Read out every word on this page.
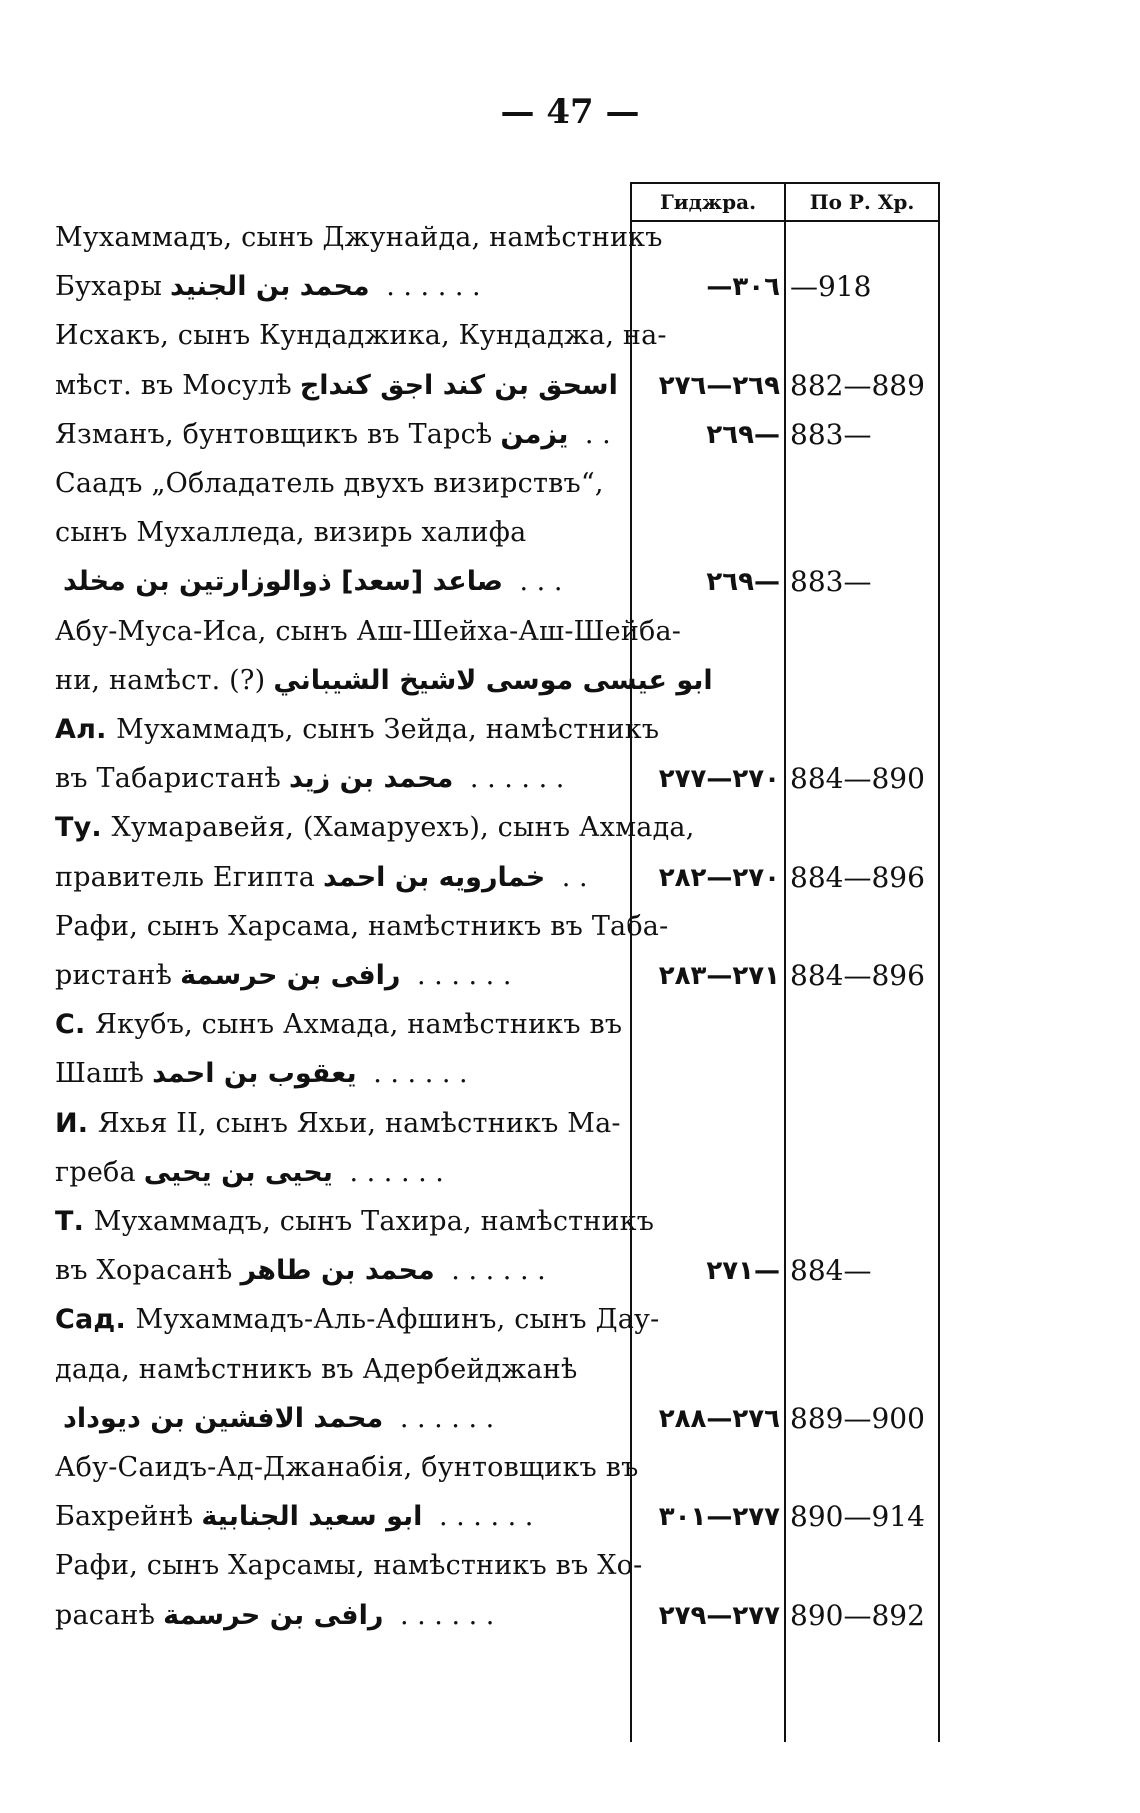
— 47 —
Гиджра.	По Р. Хр.
Мухаммадъ, сынъ Джунайда, намѣстникъ
Бухары محمد بن الجنيد . . . . . .	—٣٠٦ —918
Исхакъ, сынъ Кундаджика, Кундаджа, на-
мѣст. въ Мосулѣ اسحق بن كند اجق كنداج	٢٦٩—٢٧٦ 882—889
Язманъ, бунтовщикъ въ Тарсѣ يزمن . .	٢٦٩— 883—
Саадъ „Обладатель двухъ визирствъ“,
сынъ Мухалледа, визирь халифа
صاعد [سعد] ذوالوزارتين بن مخلد . . .	٢٦٩— 883—
Абу-Муса-Иса, сынъ Аш-Шейха-Аш-Шейба-
ни, намѣст. (?) ابو عيسى موسى لاشيخ الشيباني
Ал. Мухаммадъ, сынъ Зейда, намѣстникъ
въ Табаристанѣ محمد بن زيد . . . . . .	٢٧٠—٢٧٧ 884—890
Ту. Хумаравейя, (Хамаруехъ), сынъ Ахмада,
правитель Египта خمارويه بن احمد . .	٢٧٠—٢٨٢ 884—896
Рафи, сынъ Харсама, намѣстникъ въ Таба-
ристанѣ رافی بن حرسمة . . . . . .	٢٧١—٢٨٣ 884—896
С. Якубъ, сынъ Ахмада, намѣстникъ въ
Шашѣ يعقوب بن احمد . . . . . .
И. Яхья II, сынъ Яхьи, намѣстникъ Ма-
греба يحيى بن يحيى . . . . . .
Т. Мухаммадъ, сынъ Тахира, намѣстникъ
въ Хорасанѣ محمد بن طاهر . . . . . .	٢٧١— 884—
Сад. Мухаммадъ-Аль-Афшинъ, сынъ Дау-
дада, намѣстникъ въ Адербейджанѣ
محمد الافشين بن ديوداد . . . . . .	٢٧٦—٢٨٨ 889—900
Абу-Саидъ-Ад-Джанабія, бунтовщикъ въ
Бахрейнѣ ابو سعيد الجنابية . . . . . .	٢٧٧—٣٠١ 890—914
Рафи, сынъ Харсамы, намѣстникъ въ Хо-
расанѣ رافی بن حرسمة . . . . . .	٢٧٧—٢٧٩ 890—892
